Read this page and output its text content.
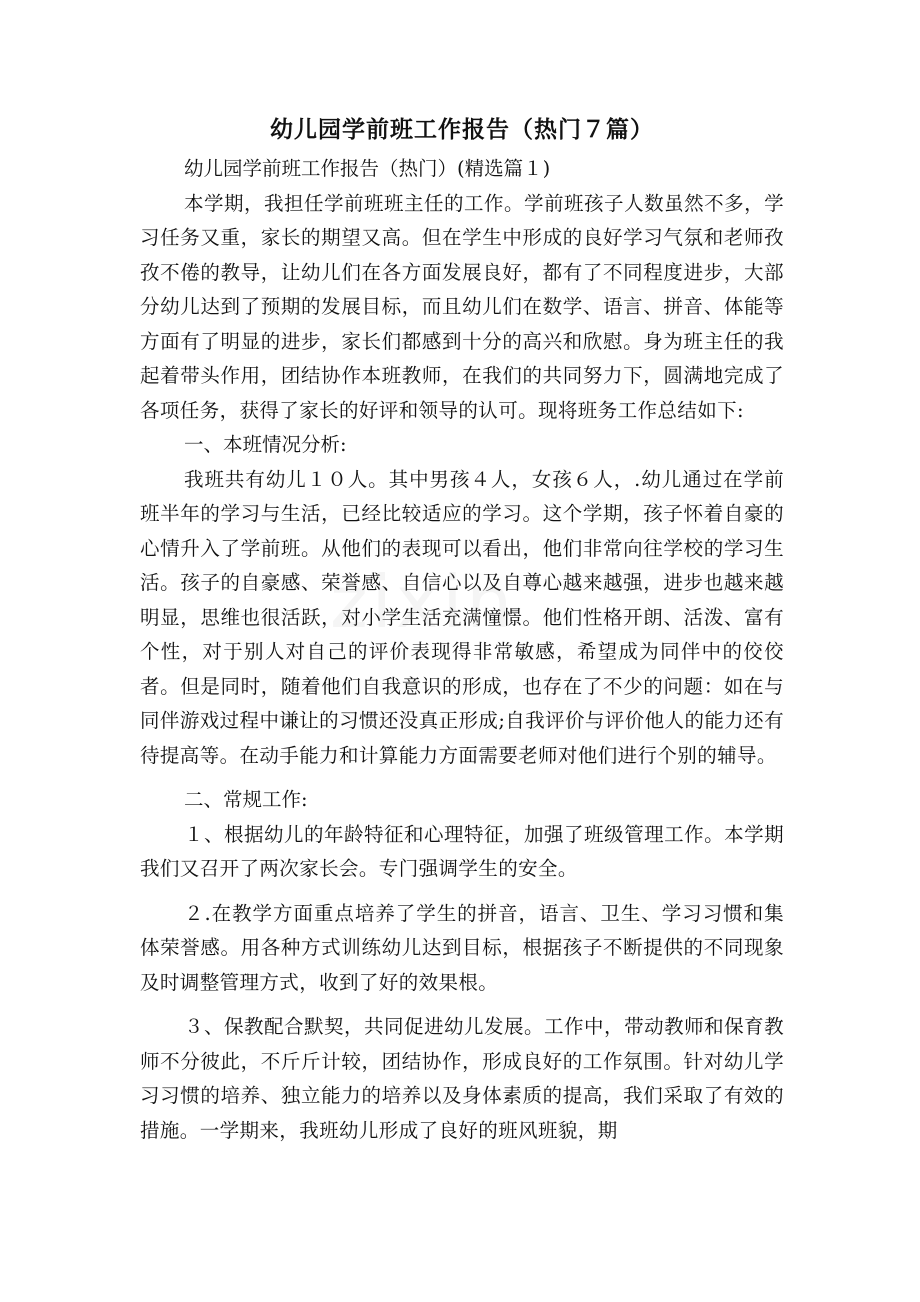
幼儿园学前班工作报告（热门７篇）

幼儿园学前班工作报告（热门）(精选篇１)

本学期，我担任学前班班主任的工作。学前班孩子人数虽然不多，学习任务又重，家长的期望又高。但在学生中形成的良好学习气氛和老师孜孜不倦的教导，让幼儿们在各方面发展良好，都有了不同程度进步，大部分幼儿达到了预期的发展目标，而且幼儿们在数学、语言、拼音、体能等方面有了明显的进步，家长们都感到十分的高兴和欣慰。身为班主任的我起着带头作用，团结协作本班教师，在我们的共同努力下，圆满地完成了各项任务，获得了家长的好评和领导的认可。现将班务工作总结如下:

一、本班情况分析:

我班共有幼儿１０人。其中男孩４人，女孩６人，.幼儿通过在学前班半年的学习与生活，已经比较适应的学习。这个学期，孩子怀着自豪的心情升入了学前班。从他们的表现可以看出，他们非常向往学校的学习生活。孩子的自豪感、荣誉感、自信心以及自尊心越来越强，进步也越来越明显，思维也很活跃，对小学生活充满憧憬。他们性格开朗、活泼、富有个性，对于别人对自己的评价表现得非常敏感，希望成为同伴中的佼佼者。但是同时，随着他们自我意识的形成，也存在了不少的问题：如在与同伴游戏过程中谦让的习惯还没真正形成;自我评价与评价他人的能力还有待提高等。在动手能力和计算能力方面需要老师对他们进行个别的辅导。

二、常规工作:

１、根据幼儿的年龄特征和心理特征，加强了班级管理工作。本学期我们又召开了两次家长会。专门强调学生的安全。

２.在教学方面重点培养了学生的拼音，语言、卫生、学习习惯和集体荣誉感。用各种方式训练幼儿达到目标，根据孩子不断提供的不同现象及时调整管理方式，收到了好的效果根。

３、保教配合默契，共同促进幼儿发展。工作中，带动教师和保育教师不分彼此，不斤斤计较，团结协作，形成良好的工作氛围。针对幼儿学习习惯的培养、独立能力的培养以及身体素质的提高，我们采取了有效的措施。一学期来，我班幼儿形成了良好的班风班貌，期

zixin
